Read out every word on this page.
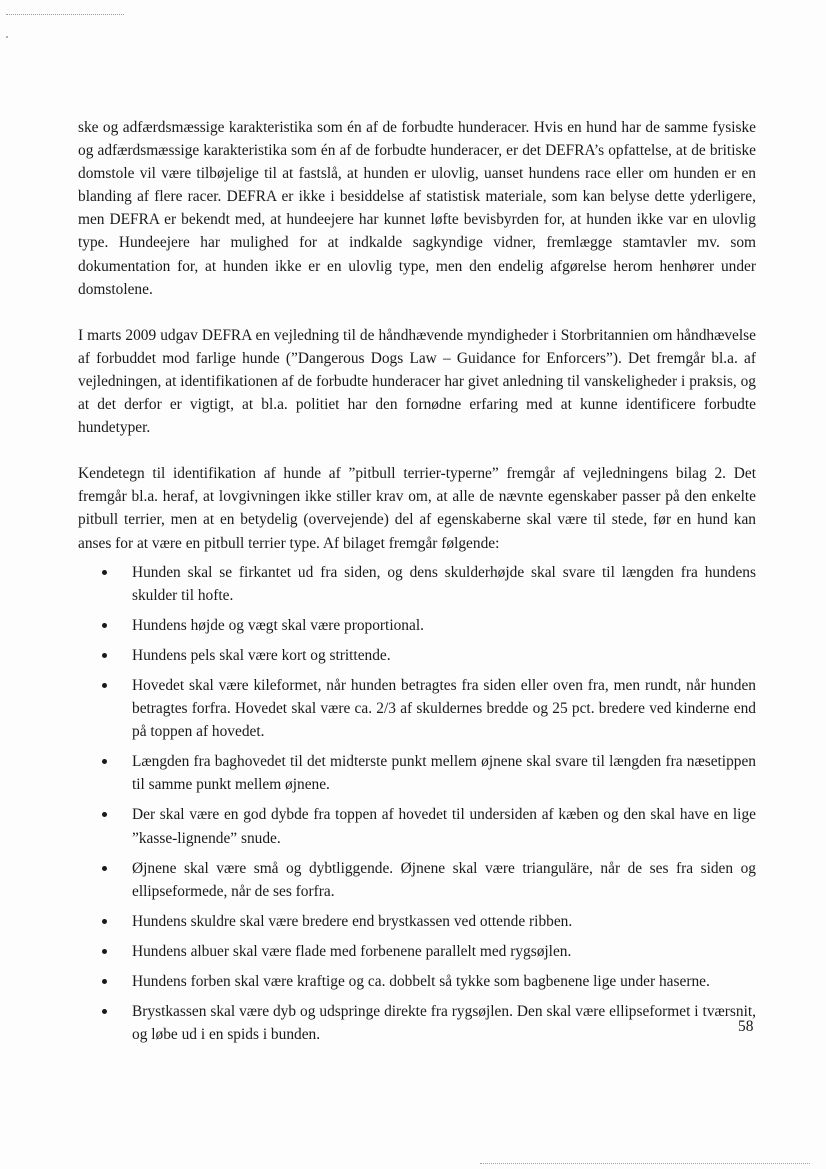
ske og adfærdsmæssige karakteristika som én af de forbudte hunderacer. Hvis en hund har de samme fysiske og adfærdsmæssige karakteristika som én af de forbudte hunderacer, er det DEFRA’s opfattelse, at de britiske domstole vil være tilbøjelige til at fastslå, at hunden er ulovlig, uanset hundens race eller om hunden er en blanding af flere racer. DEFRA er ikke i besiddelse af statistisk materiale, som kan belyse dette yderligere, men DEFRA er bekendt med, at hundeejere har kunnet løfte bevisbyrden for, at hunden ikke var en ulovlig type. Hundeejere har mulighed for at indkalde sagkyndige vidner, fremlægge stamtavler mv. som dokumentation for, at hunden ikke er en ulovlig type, men den endelig afgørelse herom henhører under domstolene.

I marts 2009 udgav DEFRA en vejledning til de håndhævende myndigheder i Storbritannien om håndhævelse af forbuddet mod farlige hunde (”Dangerous Dogs Law – Guidance for Enforcers”). Det fremgår bl.a. af vejledningen, at identifikationen af de forbudte hunderacer har givet anledning til vanskeligheder i praksis, og at det derfor er vigtigt, at bl.a. politiet har den fornødne erfaring med at kunne identificere forbudte hundetyper.

Kendetegn til identifikation af hunde af ”pitbull terrier-typerne” fremgår af vejledningens bilag 2. Det fremgår bl.a. heraf, at lovgivningen ikke stiller krav om, at alle de nævnte egenskaber passer på den enkelte pitbull terrier, men at en betydelig (overvejende) del af egenskaberne skal være til stede, før en hund kan anses for at være en pitbull terrier type. Af bilaget fremgår følgende:

Hunden skal se firkantet ud fra siden, og dens skulderhøjde skal svare til længden fra hundens skulder til hofte.
Hundens højde og vægt skal være proportional.
Hundens pels skal være kort og strittende.
Hovedet skal være kileformet, når hunden betragtes fra siden eller oven fra, men rundt, når hunden betragtes forfra. Hovedet skal være ca. 2/3 af skuldernes bredde og 25 pct. bredere ved kinderne end på toppen af hovedet.
Længden fra baghovedet til det midterste punkt mellem øjnene skal svare til længden fra næsetippen til samme punkt mellem øjnene.
Der skal være en god dybde fra toppen af hovedet til undersiden af kæben og den skal have en lige ”kasse-lignende” snude.
Øjnene skal være små og dybtliggende. Øjnene skal være trianguläre, når de ses fra siden og ellipseformede, når de ses forfra.
Hundens skuldre skal være bredere end brystkassen ved ottende ribben.
Hundens albuer skal være flade med forbenene parallelt med rygsøjlen.
Hundens forben skal være kraftige og ca. dobbelt så tykke som bagbenene lige under haserne.
Brystkassen skal være dyb og udspringe direkte fra rygsøjlen. Den skal være ellipseformet i tværsnit, og løbe ud i en spids i bunden.	58
